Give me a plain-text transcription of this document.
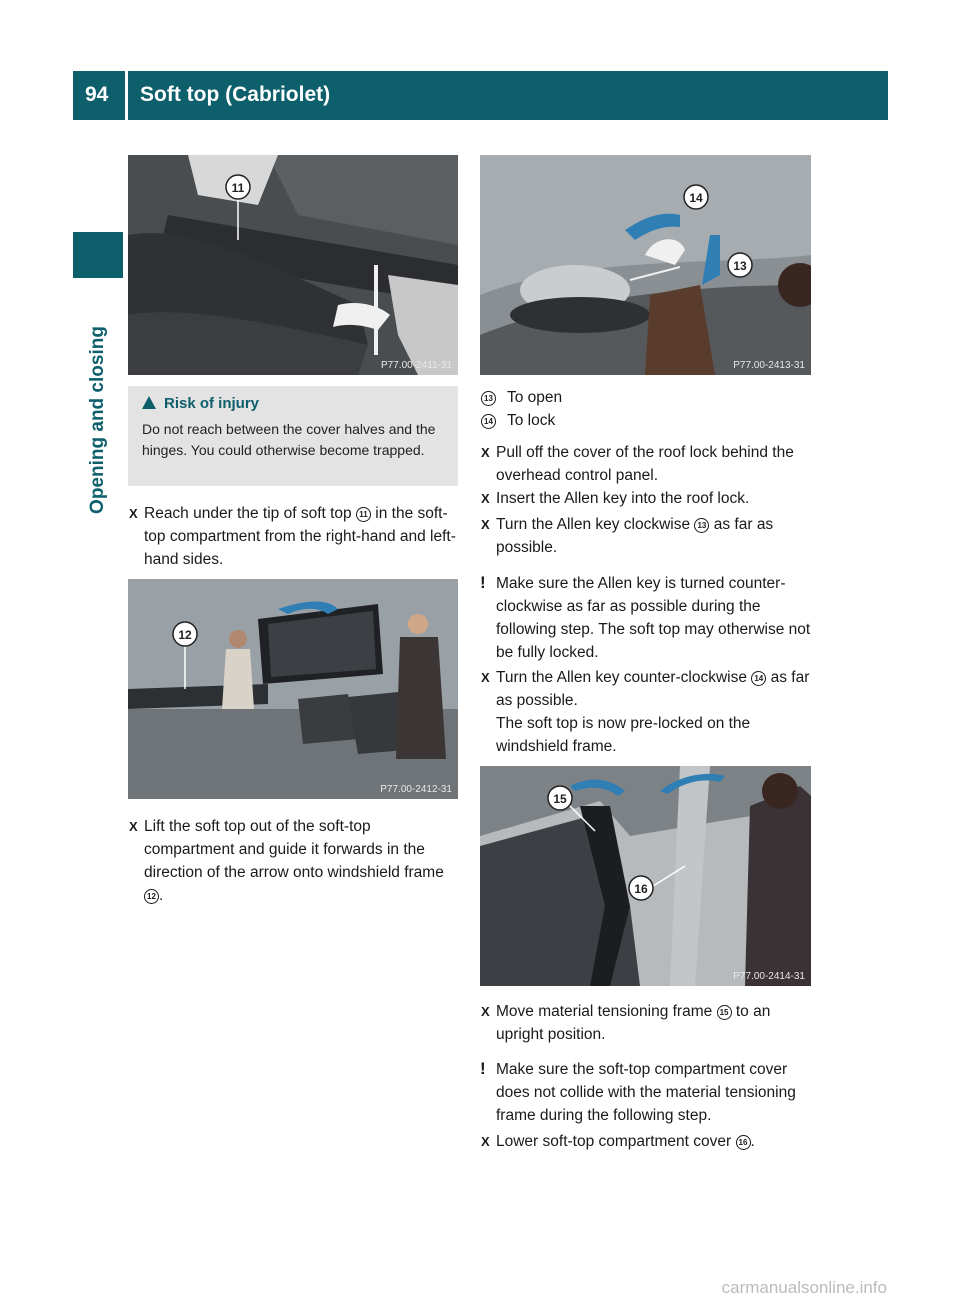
94 Soft top (Cabriolet)
Opening and closing
11
P77.00-2411-31
Risk of injury
Do not reach between the cover halves and the hinges. You could otherwise become trapped.
X Reach under the tip of soft top 11 in the soft-top compartment from the right-hand and left-hand sides.
12
P77.00-2412-31
X Lift the soft top out of the soft-top compartment and guide it forwards in the direction of the arrow onto windshield frame 12 .
14
13
P77.00-2413-31
13 To open
14 To lock
X Pull off the cover of the roof lock behind the overhead control panel.
X Insert the Allen key into the roof lock.
X Turn the Allen key clockwise 13 as far as possible.
! Make sure the Allen key is turned counter-clockwise as far as possible during the following step. The soft top may otherwise not be fully locked.
X Turn the Allen key counter-clockwise 14 as far as possible.
The soft top is now pre-locked on the windshield frame.
15
16
P77.00-2414-31
X Move material tensioning frame 15 to an upright position.
! Make sure the soft-top compartment cover does not collide with the material tensioning frame during the following step.
X Lower soft-top compartment cover 16 .
carmanualsonline.info
